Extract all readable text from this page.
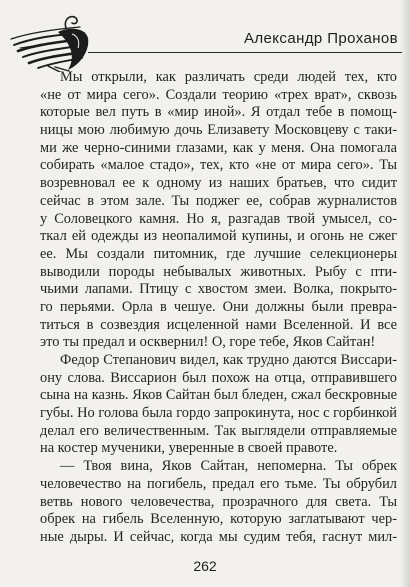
Александр Проханов
Мы открыли, как различать среди людей тех, кто
«не от мира сего». Создали теорию «трех врат», сквозь
которые вел путь в «мир иной». Я отдал тебе в помощ-
ницы мою любимую дочь Елизавету Московцеву с таки-
ми же черно-синими глазами, как у меня. Она помогала
собирать «малое стадо», тех, кто «не от мира сего». Ты
возревновал ее к одному из наших братьев, что сидит
сейчас в этом зале. Ты поджег ее, собрав журналистов
у Соловецкого камня. Но я, разгадав твой умысел, со-
ткал ей одежды из неопалимой купины, и огонь не сжег
ее. Мы создали питомник, где лучшие селекционеры
выводили породы небывалых животных. Рыбу с пти-
чьими лапами. Птицу с хвостом змеи. Волка, покрыто-
го перьями. Орла в чешуе. Они должны были превра-
титься в созвездия исцеленной нами Вселенной. И все
это ты предал и осквернил! О, горе тебе, Яков Сайтан!
Федор Степанович видел, как трудно даются Виссари-
ону слова. Виссарион был похож на отца, отправившего
сына на казнь. Яков Сайтан был бледен, сжал бескровные
губы. Но голова была гордо запрокинута, нос с горбинкой
делал его величественным. Так выглядели отправляемые
на костер мученики, уверенные в своей правоте.
— Твоя вина, Яков Сайтан, непомерна. Ты обрек
человечество на погибель, предал его тьме. Ты обрубил
ветвь нового человечества, прозрачного для света. Ты
обрек на гибель Вселенную, которую заглатывают чер-
ные дыры. И сейчас, когда мы судим тебя, гаснут мил-
262
